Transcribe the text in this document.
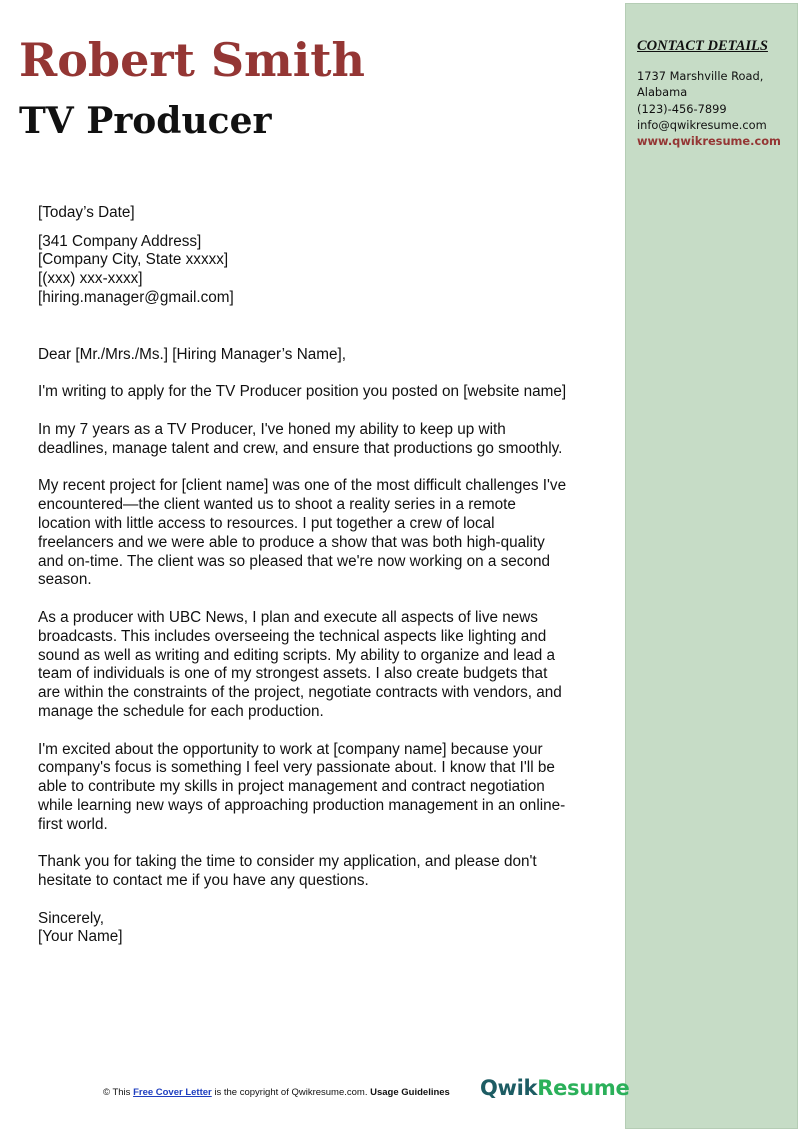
Robert Smith
TV Producer

[Today’s Date]

[341 Company Address]
[Company City, State xxxxx]
[(xxx) xxx-xxxx]
[hiring.manager@gmail.com]

Dear [Mr./Mrs./Ms.] [Hiring Manager’s Name],

I'm writing to apply for the TV Producer position you posted on [website name]

In my 7 years as a TV Producer, I've honed my ability to keep up with
deadlines, manage talent and crew, and ensure that productions go smoothly.

My recent project for [client name] was one of the most difficult challenges I've
encountered—the client wanted us to shoot a reality series in a remote
location with little access to resources. I put together a crew of local
freelancers and we were able to produce a show that was both high-quality
and on-time. The client was so pleased that we're now working on a second
season.

As a producer with UBC News, I plan and execute all aspects of live news
broadcasts. This includes overseeing the technical aspects like lighting and
sound as well as writing and editing scripts. My ability to organize and lead a
team of individuals is one of my strongest assets. I also create budgets that
are within the constraints of the project, negotiate contracts with vendors, and
manage the schedule for each production.

I'm excited about the opportunity to work at [company name] because your
company's focus is something I feel very passionate about. I know that I'll be
able to contribute my skills in project management and contract negotiation
while learning new ways of approaching production management in an online-
first world.

Thank you for taking the time to consider my application, and please don't
hesitate to contact me if you have any questions.

Sincerely,
[Your Name]

CONTACT DETAILS
1737 Marshville Road,
Alabama
(123)-456-7899
info@qwikresume.com
www.qwikresume.com
© This Free Cover Letter is the copyright of Qwikresume.com. Usage Guidelines QwikResume
